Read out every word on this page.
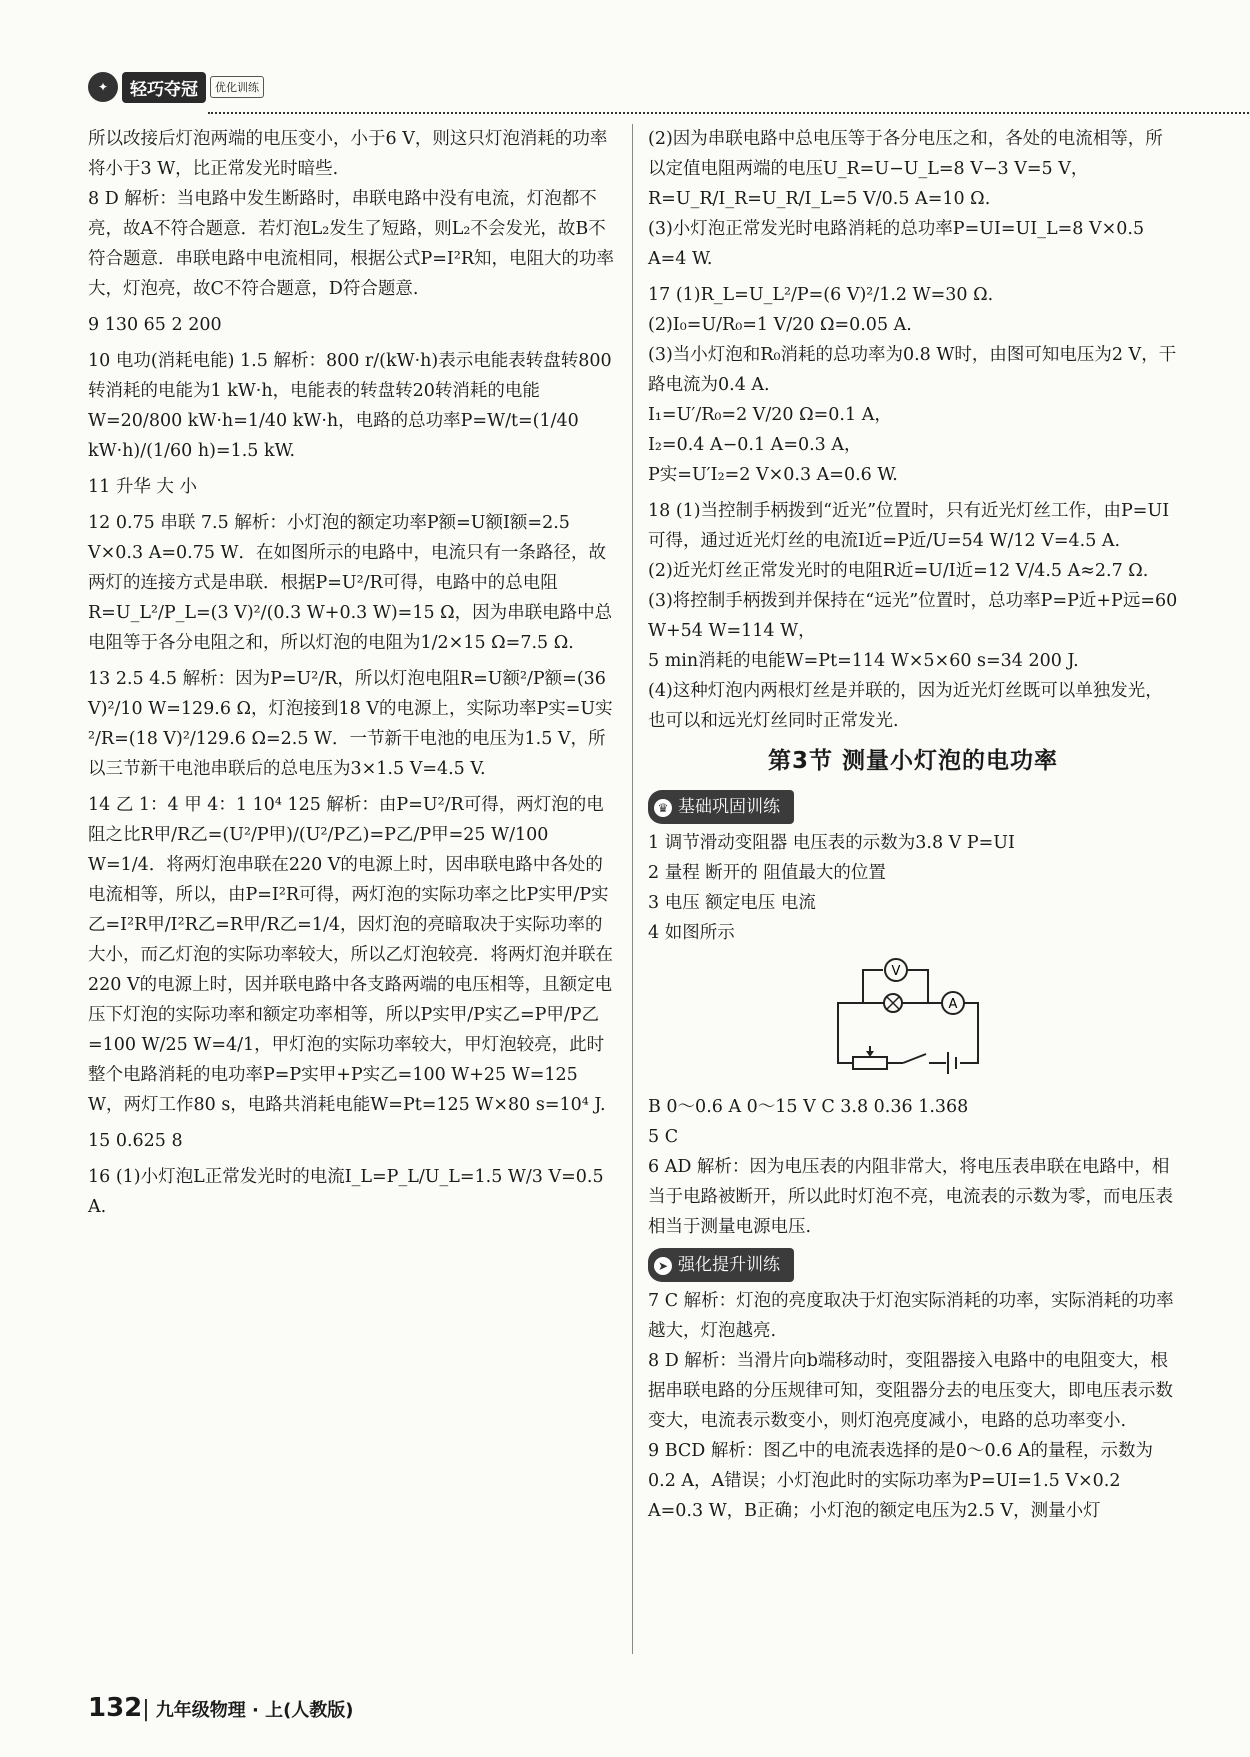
✦	轻巧夺冠	优化训练

所以改接后灯泡两端的电压变小，小于6 V，则这只灯泡消耗的功率将小于3 W，比正常发光时暗些.

8 D 解析：当电路中发生断路时，串联电路中没有电流，灯泡都不亮，故A不符合题意．若灯泡L₂发生了短路，则L₂不会发光，故B不符合题意．串联电路中电流相同，根据公式P=I²R知，电阻大的功率大，灯泡亮，故C不符合题意，D符合题意.

9 130 65 2 200

10 电功(消耗电能) 1.5 解析：800 r/(kW·h)表示电能表转盘转800转消耗的电能为1 kW·h，电能表的转盘转20转消耗的电能W=20/800 kW·h=1/40 kW·h，电路的总功率P=W/t=(1/40 kW·h)/(1/60 h)=1.5 kW.

11 升华 大 小

12 0.75 串联 7.5 解析：小灯泡的额定功率P额=U额I额=2.5 V×0.3 A=0.75 W．在如图所示的电路中，电流只有一条路径，故两灯的连接方式是串联．根据P=U²/R可得，电路中的总电阻R=U_L²/P_L=(3 V)²/(0.3 W+0.3 W)=15 Ω，因为串联电路中总电阻等于各分电阻之和，所以灯泡的电阻为1/2×15 Ω=7.5 Ω.

13 2.5 4.5 解析：因为P=U²/R，所以灯泡电阻R=U额²/P额=(36 V)²/10 W=129.6 Ω，灯泡接到18 V的电源上，实际功率P实=U实²/R=(18 V)²/129.6 Ω=2.5 W．一节新干电池的电压为1.5 V，所以三节新干电池串联后的总电压为3×1.5 V=4.5 V.

14 乙 1：4 甲 4：1 10⁴ 125 解析：由P=U²/R可得，两灯泡的电阻之比R甲/R乙=(U²/P甲)/(U²/P乙)=P乙/P甲=25 W/100 W=1/4．将两灯泡串联在220 V的电源上时，因串联电路中各处的电流相等，所以，由P=I²R可得，两灯泡的实际功率之比P实甲/P实乙=I²R甲/I²R乙=R甲/R乙=1/4，因灯泡的亮暗取决于实际功率的大小，而乙灯泡的实际功率较大，所以乙灯泡较亮．将两灯泡并联在220 V的电源上时，因并联电路中各支路两端的电压相等，且额定电压下灯泡的实际功率和额定功率相等，所以P实甲/P实乙=P甲/P乙=100 W/25 W=4/1，甲灯泡的实际功率较大，甲灯泡较亮，此时整个电路消耗的电功率P=P实甲+P实乙=100 W+25 W=125 W，两灯工作80 s，电路共消耗电能W=Pt=125 W×80 s=10⁴ J.

15 0.625 8

16 (1)小灯泡L正常发光时的电流I_L=P_L/U_L=1.5 W/3 V=0.5 A.

(2)因为串联电路中总电压等于各分电压之和，各处的电流相等，所以定值电阻两端的电压U_R=U−U_L=8 V−3 V=5 V，R=U_R/I_R=U_R/I_L=5 V/0.5 A=10 Ω.

(3)小灯泡正常发光时电路消耗的总功率P=UI=UI_L=8 V×0.5 A=4 W.

17 (1)R_L=U_L²/P=(6 V)²/1.2 W=30 Ω.

(2)I₀=U/R₀=1 V/20 Ω=0.05 A.

(3)当小灯泡和R₀消耗的总功率为0.8 W时，由图可知电压为2 V，干路电流为0.4 A.

I₁=U′/R₀=2 V/20 Ω=0.1 A，

I₂=0.4 A−0.1 A=0.3 A，

P实=U′I₂=2 V×0.3 A=0.6 W.

18 (1)当控制手柄拨到“近光”位置时，只有近光灯丝工作，由P=UI可得，通过近光灯丝的电流I近=P近/U=54 W/12 V=4.5 A.

(2)近光灯丝正常发光时的电阻R近=U/I近=12 V/4.5 A≈2.7 Ω.

(3)将控制手柄拨到并保持在“远光”位置时，总功率P=P近+P远=60 W+54 W=114 W，

5 min消耗的电能W=Pt=114 W×5×60 s=34 200 J.

(4)这种灯泡内两根灯丝是并联的，因为近光灯丝既可以单独发光，也可以和远光灯丝同时正常发光.

第3节 测量小灯泡的电功率
♛ 基础巩固训练

1 调节滑动变阻器 电压表的示数为3.8 V P=UI

2 量程 断开的 阻值最大的位置

3 电压 额定电压 电流

4 如图所示

V
A

B 0～0.6 A 0～15 V C 3.8 0.36 1.368

5 C

6 AD 解析：因为电压表的内阻非常大，将电压表串联在电路中，相当于电路被断开，所以此时灯泡不亮，电流表的示数为零，而电压表相当于测量电源电压.

➤ 强化提升训练

7 C 解析：灯泡的亮度取决于灯泡实际消耗的功率，实际消耗的功率越大，灯泡越亮.

8 D 解析：当滑片向b端移动时，变阻器接入电路中的电阻变大，根据串联电路的分压规律可知，变阻器分去的电压变大，即电压表示数变大，电流表示数变小，则灯泡亮度减小，电路的总功率变小.

9 BCD 解析：图乙中的电流表选择的是0～0.6 A的量程，示数为0.2 A，A错误；小灯泡此时的实际功率为P=UI=1.5 V×0.2 A=0.3 W，B正确；小灯泡的额定电压为2.5 V，测量小灯

132| 九年级物理 · 上(人教版)
